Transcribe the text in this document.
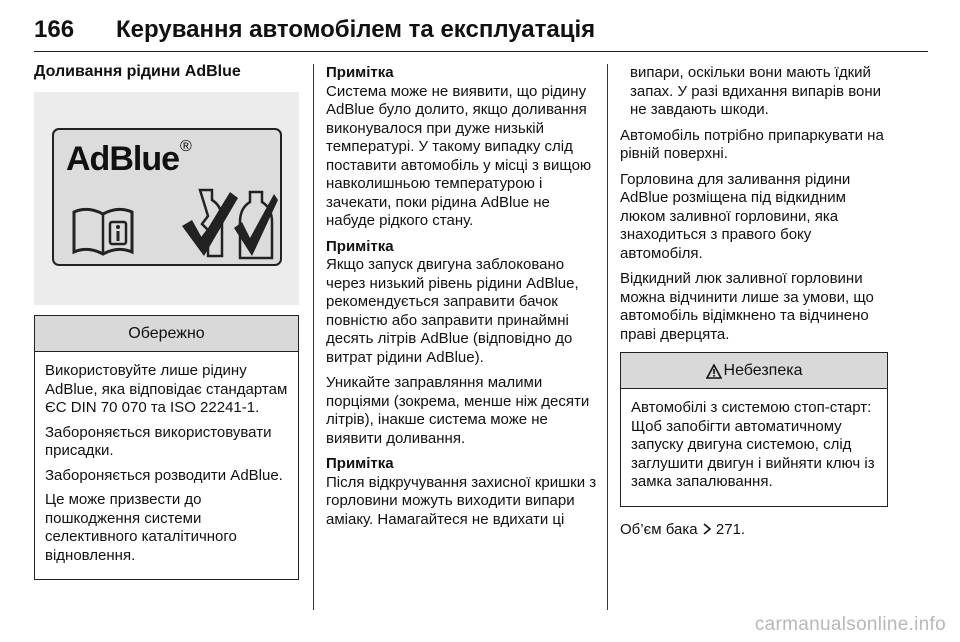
166 Керування автомобілем та експлуатація
Доливання рідини AdBlue
AdBlue ®
Обережно

Використовуйте лише рідину AdBlue, яка відповідає стандартам ЄС DIN 70 070 та ISO 22241-1.

Забороняється використовувати присадки.

Забороняється розводити AdBlue.

Це може призвести до пошкодження системи селективного каталітичного відновлення.

Примітка

Система може не виявити, що рідину AdBlue було долито, якщо доливання виконувалося при дуже низькій температурі. У такому випадку слід поставити автомобіль у місці з вищою навколишньою температурою і зачекати, поки рідина AdBlue не набуде рідкого стану.

Примітка

Якщо запуск двигуна заблоковано через низький рівень рідини AdBlue, рекомендується заправити бачок повністю або заправити принаймні десять літрів AdBlue (відповідно до витрат рідини AdBlue).

Уникайте заправляння малими порціями (зокрема, менше ніж десяти літрів), інакше система може не виявити доливання.

Примітка

Після відкручування захисної кришки з горловини можуть виходити випари аміаку. Намагайтеся не вдихати ці

випари, оскільки вони мають їдкий запах. У разі вдихання випарів вони не завдають шкоди.

Автомобіль потрібно припаркувати на рівній поверхні.

Горловина для заливання рідини AdBlue розміщена під відкидним люком заливної горловини, яка знаходиться з правого боку автомобіля.

Відкидний люк заливної горловини можна відчинити лише за умови, що автомобіль відімкнено та відчинено праві дверцята.

Небезпека

Автомобілі з системою стоп-старт: Щоб запобігти автоматичному запуску двигуна системою, слід заглушити двигун і вийняти ключ із замка запалювання.

Об’єм бака 271.

carmanualsonline.info
